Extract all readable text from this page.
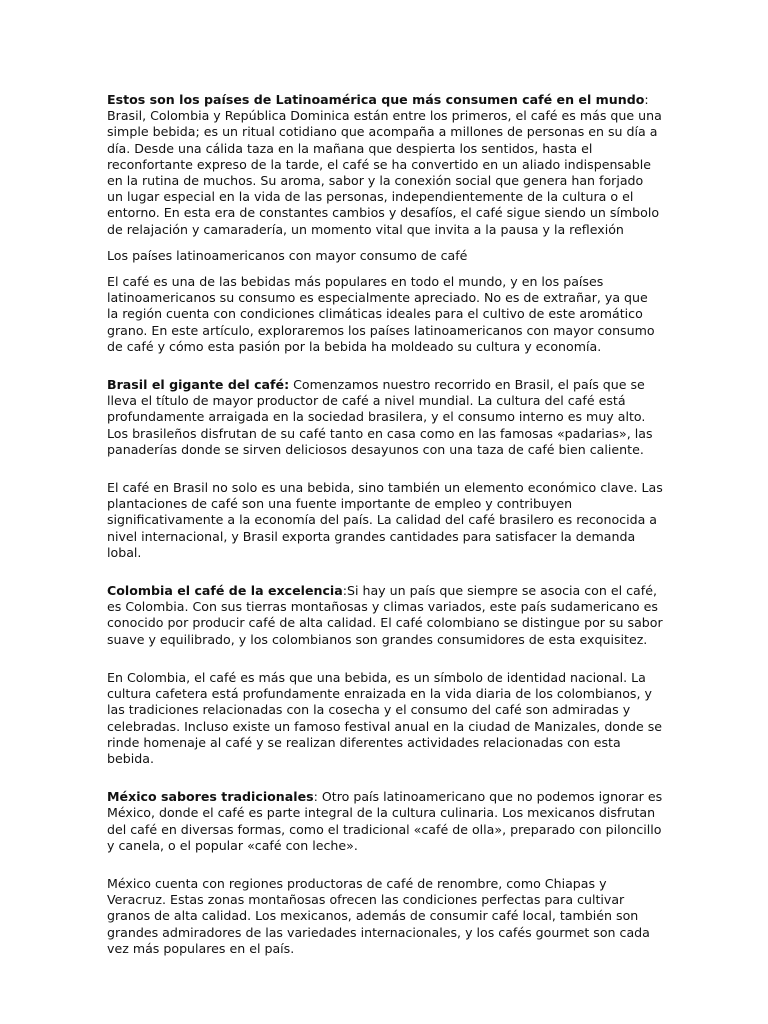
Estos son los países de Latinoamérica que más consumen café en el mundo:
Brasil, Colombia y República Dominica están entre los primeros, el café es más que una
simple bebida; es un ritual cotidiano que acompaña a millones de personas en su día a
día. Desde una cálida taza en la mañana que despierta los sentidos, hasta el
reconfortante expreso de la tarde, el café se ha convertido en un aliado indispensable
en la rutina de muchos. Su aroma, sabor y la conexión social que genera han forjado
un lugar especial en la vida de las personas, independientemente de la cultura o el
entorno. En esta era de constantes cambios y desafíos, el café sigue siendo un símbolo
de relajación y camaradería, un momento vital que invita a la pausa y la reflexión

Los países latinoamericanos con mayor consumo de café

El café es una de las bebidas más populares en todo el mundo, y en los países
latinoamericanos su consumo es especialmente apreciado. No es de extrañar, ya que
la región cuenta con condiciones climáticas ideales para el cultivo de este aromático
grano. En este artículo, exploraremos los países latinoamericanos con mayor consumo
de café y cómo esta pasión por la bebida ha moldeado su cultura y economía.

Brasil el gigante del café: Comenzamos nuestro recorrido en Brasil, el país que se
lleva el título de mayor productor de café a nivel mundial. La cultura del café está
profundamente arraigada en la sociedad brasilera, y el consumo interno es muy alto.
Los brasileños disfrutan de su café tanto en casa como en las famosas «padarias», las
panaderías donde se sirven deliciosos desayunos con una taza de café bien caliente.

El café en Brasil no solo es una bebida, sino también un elemento económico clave. Las
plantaciones de café son una fuente importante de empleo y contribuyen
significativamente a la economía del país. La calidad del café brasilero es reconocida a
nivel internacional, y Brasil exporta grandes cantidades para satisfacer la demanda
lobal.

Colombia el café de la excelencia:Si hay un país que siempre se asocia con el café,
es Colombia. Con sus tierras montañosas y climas variados, este país sudamericano es
conocido por producir café de alta calidad. El café colombiano se distingue por su sabor
suave y equilibrado, y los colombianos son grandes consumidores de esta exquisitez.

En Colombia, el café es más que una bebida, es un símbolo de identidad nacional. La
cultura cafetera está profundamente enraizada en la vida diaria de los colombianos, y
las tradiciones relacionadas con la cosecha y el consumo del café son admiradas y
celebradas. Incluso existe un famoso festival anual en la ciudad de Manizales, donde se
rinde homenaje al café y se realizan diferentes actividades relacionadas con esta
bebida.

México sabores tradicionales: Otro país latinoamericano que no podemos ignorar es
México, donde el café es parte integral de la cultura culinaria. Los mexicanos disfrutan
del café en diversas formas, como el tradicional «café de olla», preparado con piloncillo
y canela, o el popular «café con leche».

México cuenta con regiones productoras de café de renombre, como Chiapas y
Veracruz. Estas zonas montañosas ofrecen las condiciones perfectas para cultivar
granos de alta calidad. Los mexicanos, además de consumir café local, también son
grandes admiradores de las variedades internacionales, y los cafés gourmet son cada
vez más populares en el país.
